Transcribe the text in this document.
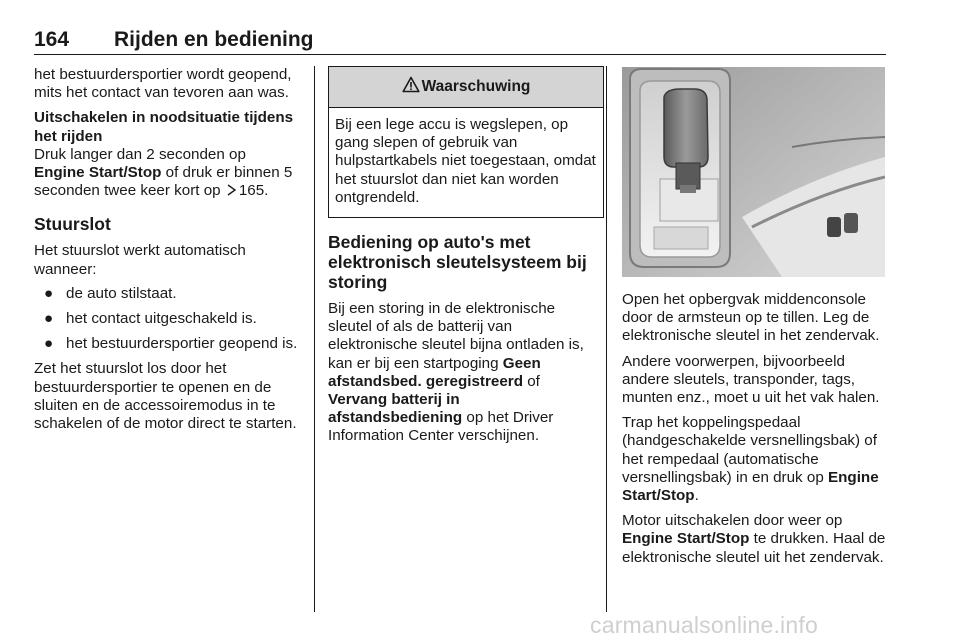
164 Rijden en bediening

het bestuurdersportier wordt geopend, mits het contact van tevoren aan was.

Uitschakelen in noodsituatie tijdens het rijden

Druk langer dan 2 seconden op Engine Start/Stop of druk er binnen 5 seconden twee keer kort op 165.

Stuurslot

Het stuurslot werkt automatisch wanneer:

● de auto stilstaat.
● het contact uitgeschakeld is.
● het bestuurdersportier geopend is.

Zet het stuurslot los door het bestuurdersportier te openen en de sluiten en de accessoiremodus in te schakelen of de motor direct te starten.

Waarschuwing
Bij een lege accu is wegslepen, op gang slepen of gebruik van hulpstartkabels niet toegestaan, omdat het stuurslot dan niet kan worden ontgrendeld.

Bediening op auto's met elektronisch sleutelsysteem bij storing

Bij een storing in de elektronische sleutel of als de batterij van elektronische sleutel bijna ontladen is, kan er bij een startpoging Geen afstandsbed. geregistreerd of Vervang batterij in afstandsbediening op het Driver Information Center verschijnen.

Open het opbergvak middenconsole door de armsteun op te tillen. Leg de elektronische sleutel in het zendervak.

Andere voorwerpen, bijvoorbeeld andere sleutels, transponder, tags, munten enz., moet u uit het vak halen.

Trap het koppelingspedaal (handgeschakelde versnellingsbak) of het rempedaal (automatische versnellingsbak) in en druk op Engine Start/Stop.

Motor uitschakelen door weer op Engine Start/Stop te drukken. Haal de elektronische sleutel uit het zendervak.

carmanualsonline.info
